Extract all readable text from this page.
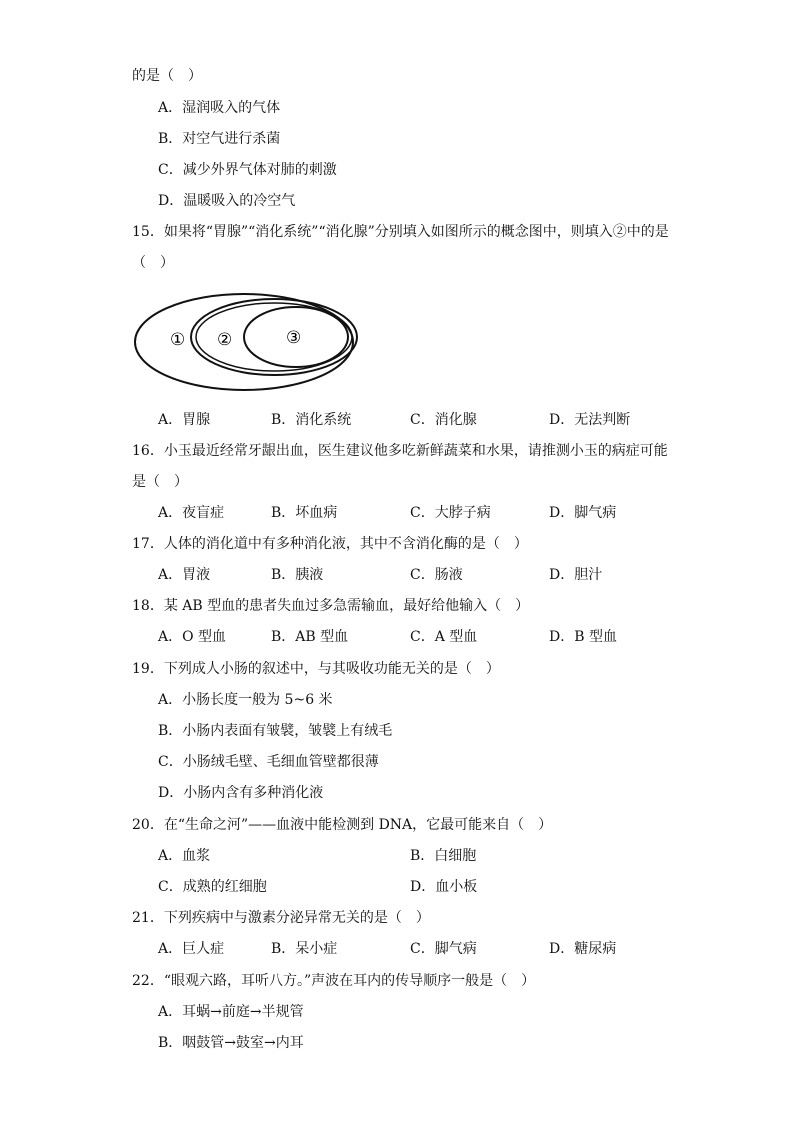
的是（　）
A．湿润吸入的气体
B．对空气进行杀菌
C．减少外界气体对肺的刺激
D．温暖吸入的冷空气
15．如果将“胃腺”“消化系统”“消化腺”分别填入如图所示的概念图中，则填入②中的是
（　）
① ②	③
A．胃腺	B．消化系统	C．消化腺	D．无法判断
16．小玉最近经常牙龈出血，医生建议他多吃新鲜蔬菜和水果，请推测小玉的病症可能
是（　）
A．夜盲症	B．坏血病	C．大脖子病	D．脚气病
17．人体的消化道中有多种消化液，其中不含消化酶的是（　）
A．胃液	B．胰液	C．肠液	D．胆汁
18．某 AB 型血的患者失血过多急需输血，最好给他输入（　）
A．O 型血	B．AB 型血	C．A 型血	D．B 型血
19．下列成人小肠的叙述中，与其吸收功能无关的是（　）
A．小肠长度一般为 5~6 米
B．小肠内表面有皱襞，皱襞上有绒毛
C．小肠绒毛壁、毛细血管壁都很薄
D．小肠内含有多种消化液
20．在“生命之河”——血液中能检测到 DNA，它最可能来自（　）
A．血浆	B．白细胞
C．成熟的红细胞	D．血小板
21．下列疾病中与激素分泌异常无关的是（　）
A．巨人症	B．呆小症	C．脚气病	D．糖尿病
22．“眼观六路，耳听八方。”声波在耳内的传导顺序一般是（　）
A．耳蜗→前庭→半规管
B．咽鼓管→鼓室→内耳
